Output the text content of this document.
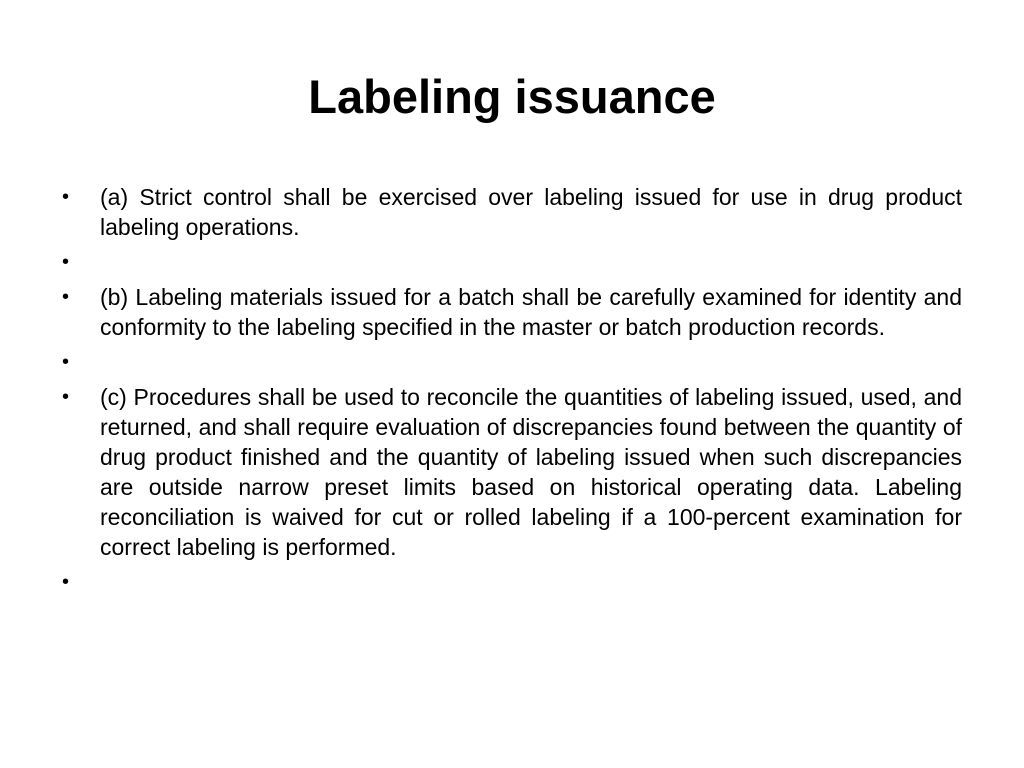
Labeling issuance
• (a) Strict control shall be exercised over labeling issued for use in drug product labeling operations.
•
• (b) Labeling materials issued for a batch shall be carefully examined for identity and conformity to the labeling specified in the master or batch production records.
•
• (c) Procedures shall be used to reconcile the quantities of labeling issued, used, and returned, and shall require evaluation of discrepancies found between the quantity of drug product finished and the quantity of labeling issued when such discrepancies are outside narrow preset limits based on historical operating data. Labeling reconciliation is waived for cut or rolled labeling if a 100-percent examination for correct labeling is performed.
•
